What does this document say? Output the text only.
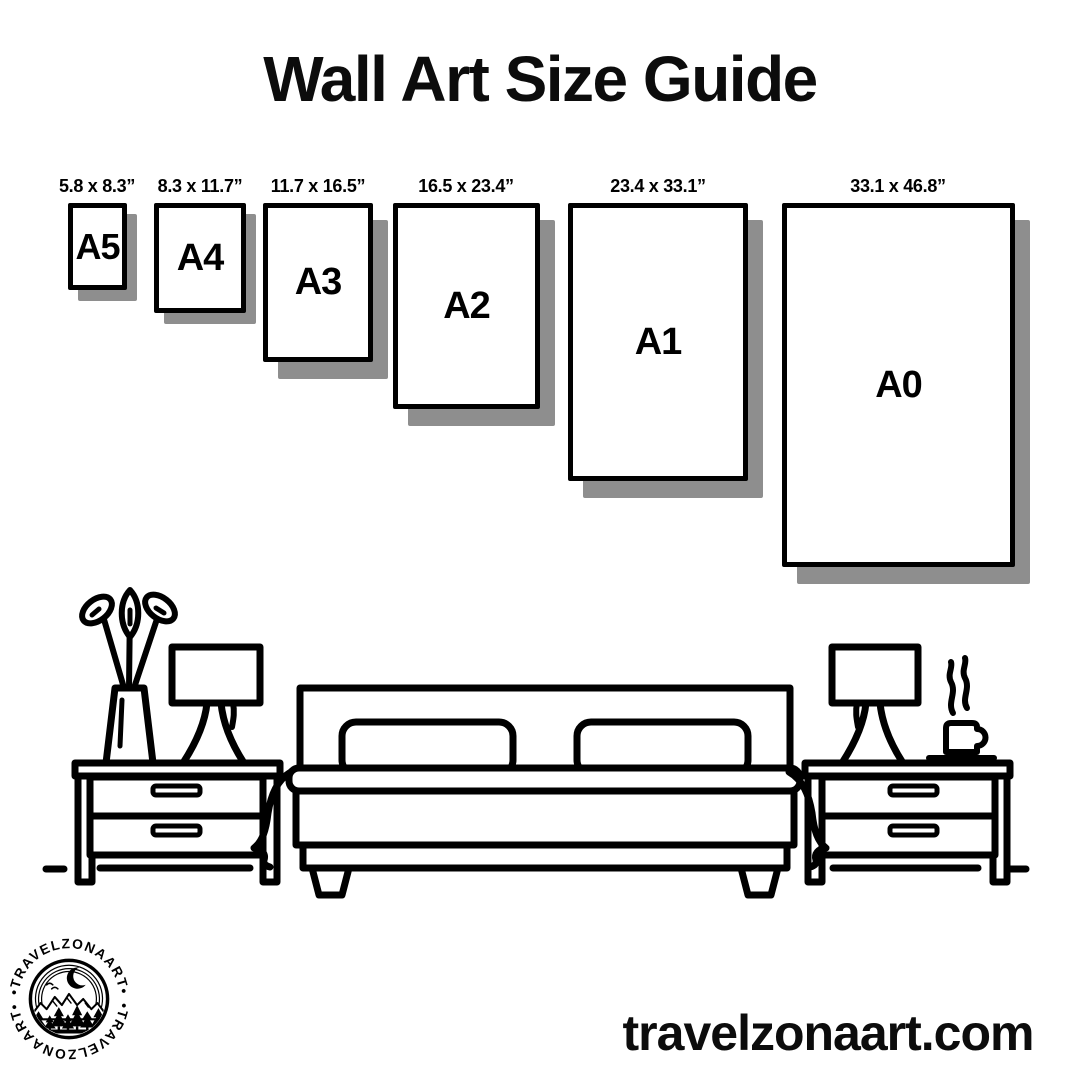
Wall Art Size Guide
5.8 x 8.3”	8.3 x 11.7”	11.7 x 16.5”	16.5 x 23.4”	23.4 x 33.1”	33.1 x 46.8”
A5 A4
A3
A2
A1
A0
•TRAVELZONAART•
•TRAVELZONAART•	travelzonaart.com
